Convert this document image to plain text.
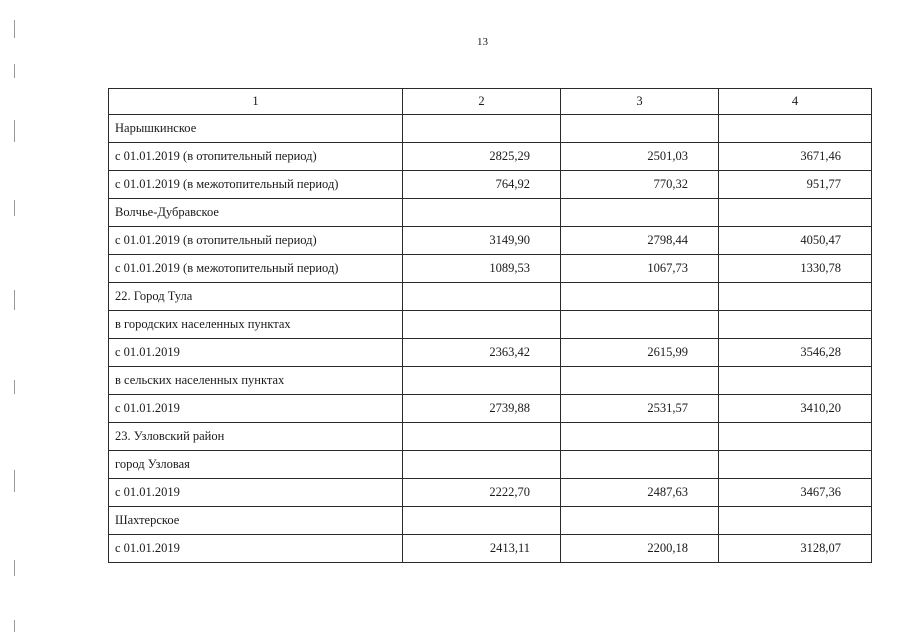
13
1	2	3	4
Нарышкинское			
с 01.01.2019 (в отопительный период)	2825,29	2501,03	3671,46
с 01.01.2019 (в межотопительный период)	764,92	770,32	951,77
Волчье-Дубравское			
с 01.01.2019 (в отопительный период)	3149,90	2798,44	4050,47
с 01.01.2019 (в межотопительный период)	1089,53	1067,73	1330,78
22. Город Тула			
в городских населенных пунктах			
с 01.01.2019	2363,42	2615,99	3546,28
в сельских населенных пунктах			
с 01.01.2019	2739,88	2531,57	3410,20
23. Узловский район			
город Узловая			
с 01.01.2019	2222,70	2487,63	3467,36
Шахтерское			
с 01.01.2019	2413,11	2200,18	3128,07
